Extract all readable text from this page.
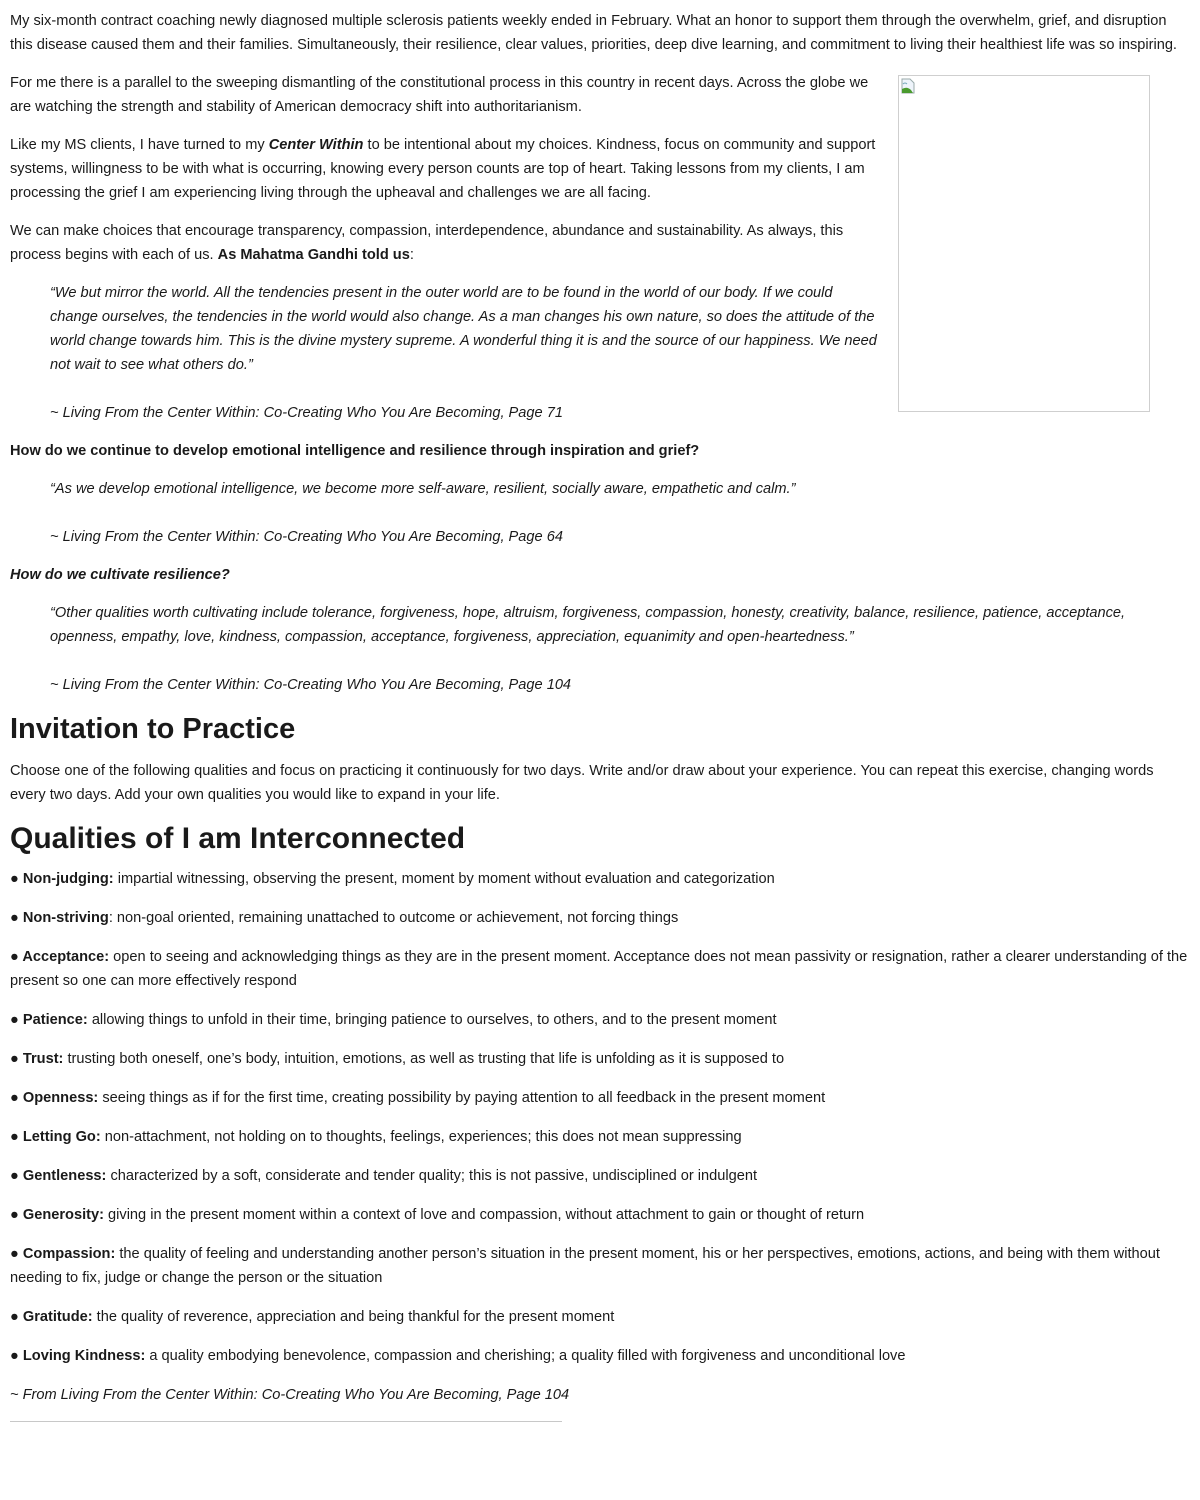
My six-month contract coaching newly diagnosed multiple sclerosis patients weekly ended in February. What an honor to support them through the overwhelm, grief, and disruption this disease caused them and their families. Simultaneously, their resilience, clear values, priorities, deep dive learning, and commitment to living their healthiest life was so inspiring.

For me there is a parallel to the sweeping dismantling of the constitutional process in this country in recent days. Across the globe we are watching the strength and stability of American democracy shift into authoritarianism.

Like my MS clients, I have turned to my Center Within to be intentional about my choices. Kindness, focus on community and support systems, willingness to be with what is occurring, knowing every person counts are top of heart. Taking lessons from my clients, I am processing the grief I am experiencing living through the upheaval and challenges we are all facing.

We can make choices that encourage transparency, compassion, interdependence, abundance and sustainability. As always, this process begins with each of us. As Mahatma Gandhi told us:

“We but mirror the world. All the tendencies present in the outer world are to be found in the world of our body. If we could change ourselves, the tendencies in the world would also change. As a man changes his own nature, so does the attitude of the world change towards him. This is the divine mystery supreme. A wonderful thing it is and the source of our happiness. We need not wait to see what others do.”

~ Living From the Center Within: Co-Creating Who You Are Becoming, Page 71

How do we continue to develop emotional intelligence and resilience through inspiration and grief?

“As we develop emotional intelligence, we become more self-aware, resilient, socially aware, empathetic and calm.”

~ Living From the Center Within: Co-Creating Who You Are Becoming, Page 64

How do we cultivate resilience?

“Other qualities worth cultivating include tolerance, forgiveness, hope, altruism, forgiveness, compassion, honesty, creativity, balance, resilience, patience, acceptance, openness, empathy, love, kindness, compassion, acceptance, forgiveness, appreciation, equanimity and open-heartedness.”

~ Living From the Center Within: Co-Creating Who You Are Becoming, Page 104

Invitation to Practice

Choose one of the following qualities and focus on practicing it continuously for two days. Write and/or draw about your experience. You can repeat this exercise, changing words every two days. Add your own qualities you would like to expand in your life.

Qualities of I am Interconnected

● Non-judging: impartial witnessing, observing the present, moment by moment without evaluation and categorization

● Non-striving: non-goal oriented, remaining unattached to outcome or achievement, not forcing things

● Acceptance: open to seeing and acknowledging things as they are in the present moment. Acceptance does not mean passivity or resignation, rather a clearer understanding of the present so one can more effectively respond

● Patience: allowing things to unfold in their time, bringing patience to ourselves, to others, and to the present moment

● Trust: trusting both oneself, one’s body, intuition, emotions, as well as trusting that life is unfolding as it is supposed to

● Openness: seeing things as if for the first time, creating possibility by paying attention to all feedback in the present moment

● Letting Go: non-attachment, not holding on to thoughts, feelings, experiences; this does not mean suppressing

● Gentleness: characterized by a soft, considerate and tender quality; this is not passive, undisciplined or indulgent

● Generosity: giving in the present moment within a context of love and compassion, without attachment to gain or thought of return

● Compassion: the quality of feeling and understanding another person’s situation in the present moment, his or her perspectives, emotions, actions, and being with them without needing to fix, judge or change the person or the situation

● Gratitude: the quality of reverence, appreciation and being thankful for the present moment

● Loving Kindness: a quality embodying benevolence, compassion and cherishing; a quality filled with forgiveness and unconditional love

~ From Living From the Center Within: Co-Creating Who You Are Becoming, Page 104
